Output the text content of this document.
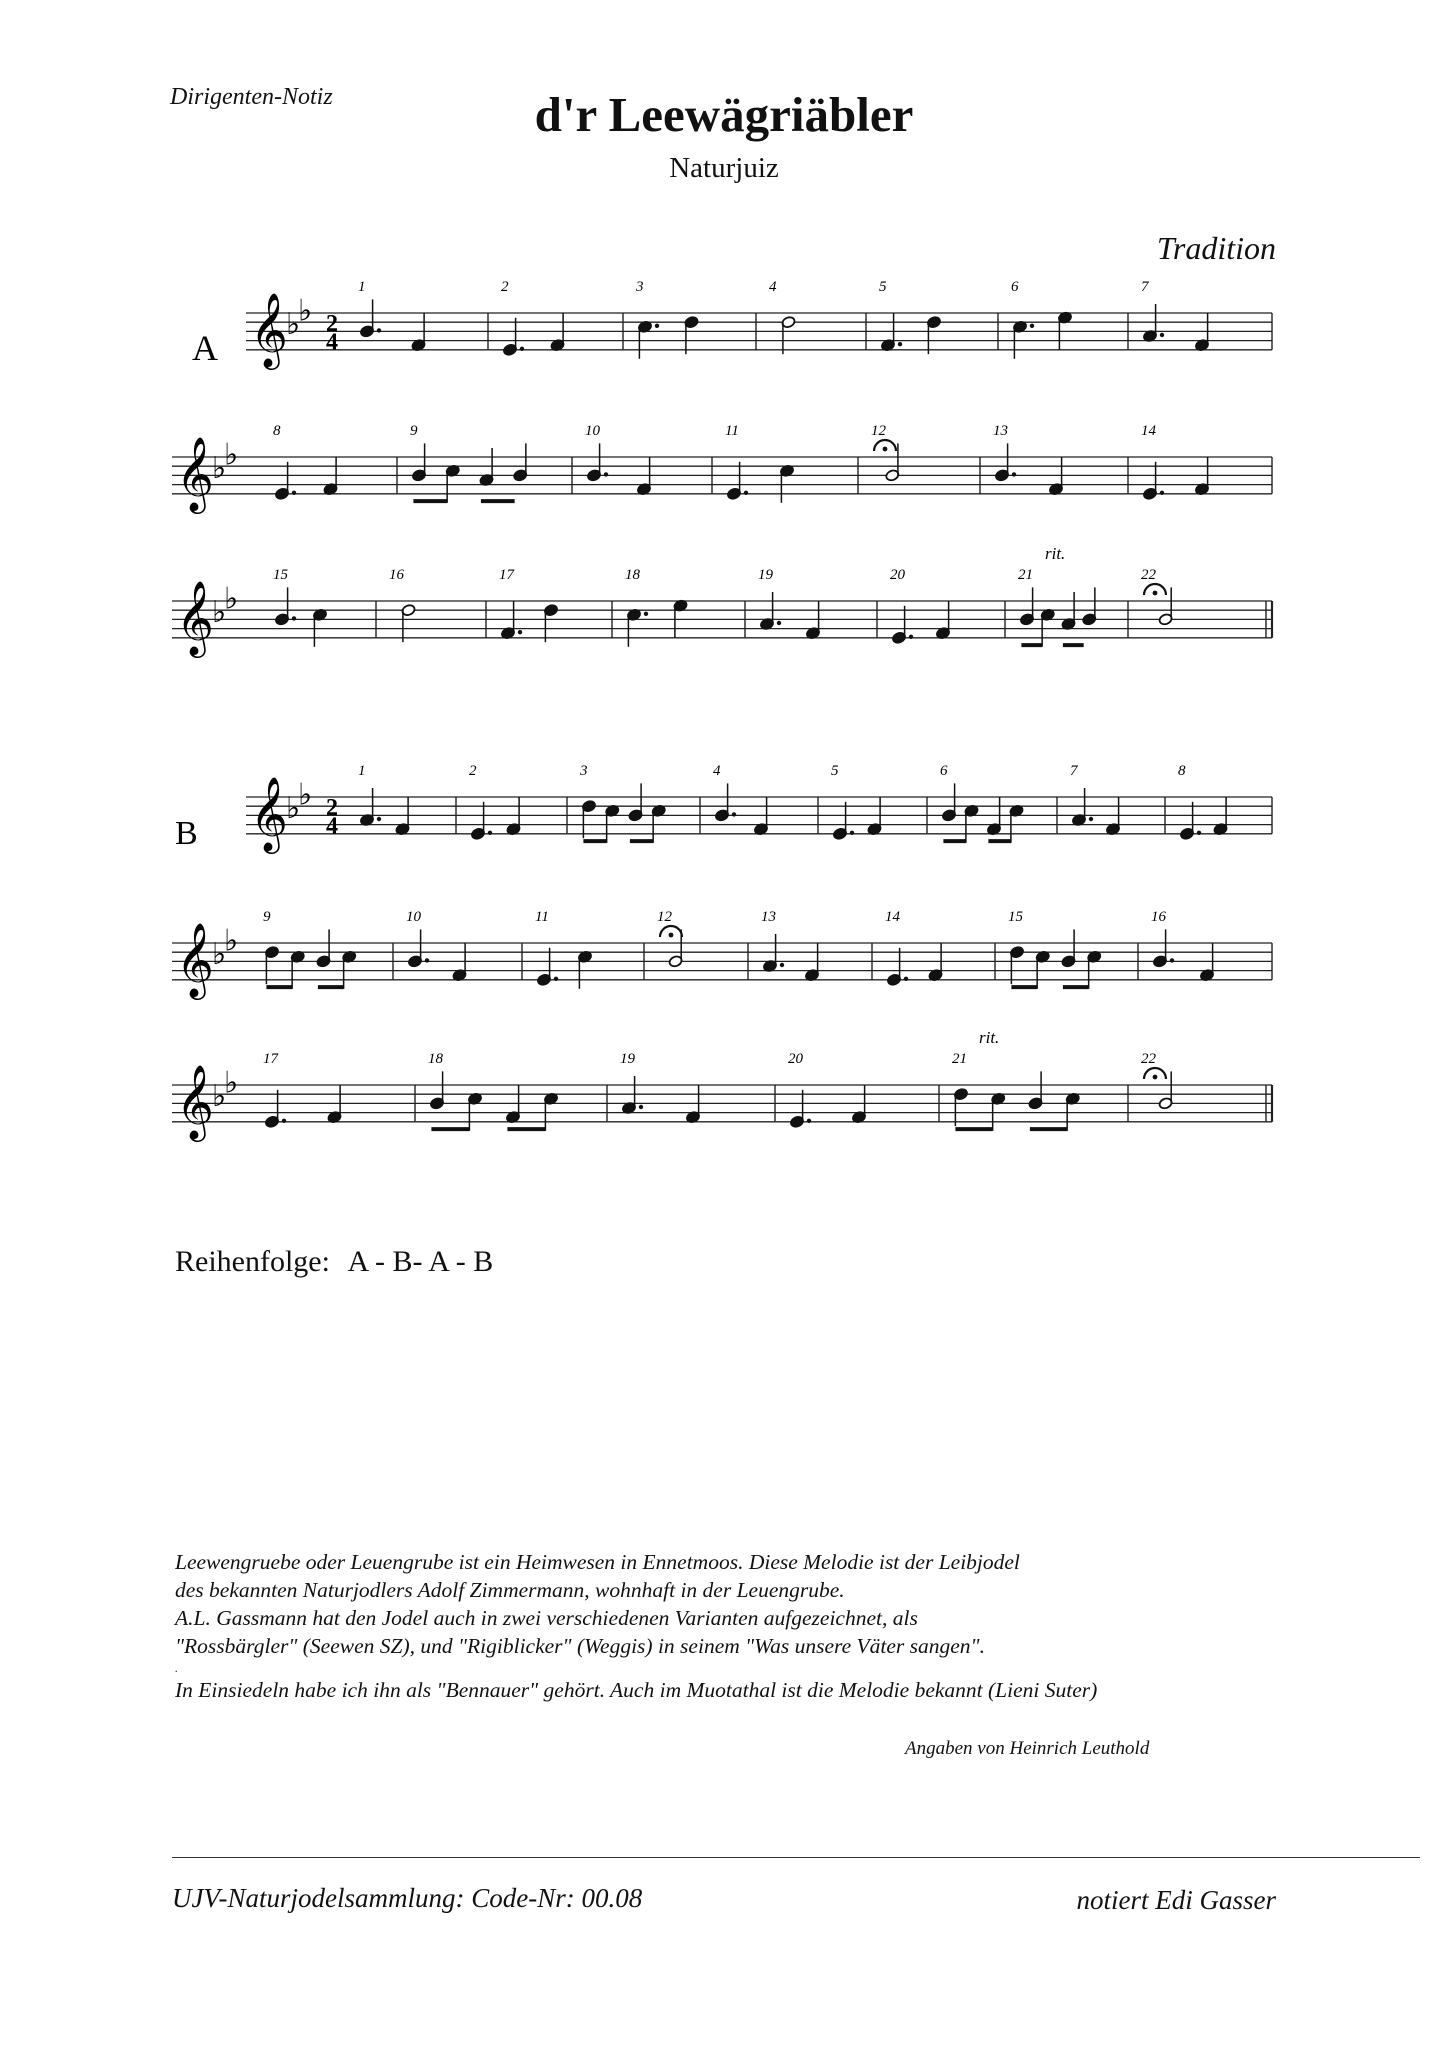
Dirigenten-Notiz	d'r Leewägriäbler
Naturjuiz
Tradition
𝄞
♭
♭ 2
4
A
1	2	3	4	5	6	7
𝄞
♭
♭
8	9	10	11	12	13	14
𝄞
♭
♭
15	16	17	18	19	20	21
rit.
22
𝄞
♭
♭ 2
4
B
1	2	3	4	5	6	7	8
𝄞
♭
♭
9	10	11	12	13	14	15	16
𝄞
♭
♭
17	18	19	20	21
rit.
22
Reihenfolge: A - B- A - B
Leewengruebe oder Leuengrube ist ein Heimwesen in Ennetmoos. Diese Melodie ist der Leibjodel
des bekannten Naturjodlers Adolf Zimmermann, wohnhaft in der Leuengrube.
A.L. Gassmann hat den Jodel auch in zwei verschiedenen Varianten aufgezeichnet, als
"Rossbärgler" (Seewen SZ), und "Rigiblicker" (Weggis) in seinem "Was unsere Väter sangen".
.
In Einsiedeln habe ich ihn als "Bennauer" gehört. Auch im Muotathal ist die Melodie bekannt (Lieni Suter)
Angaben von Heinrich Leuthold
UJV-Naturjodelsammlung: Code-Nr: 00.08	notiert Edi Gasser
